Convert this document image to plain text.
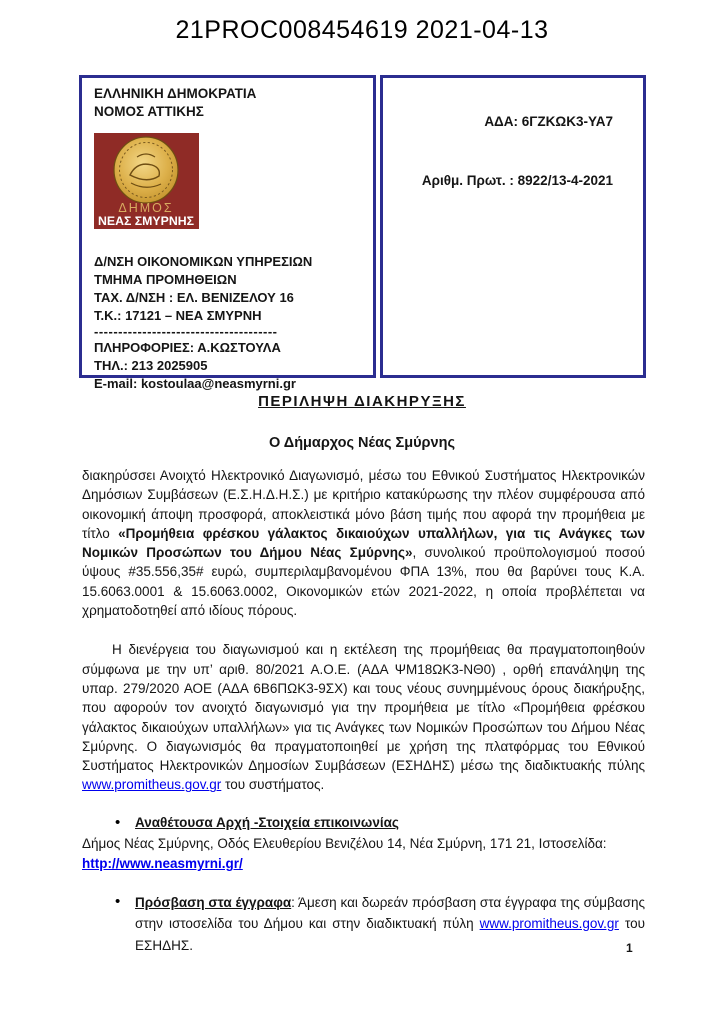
21PROC008454619 2021-04-13
ΕΛΛΗΝΙΚΗ ΔΗΜΟΚΡΑΤΙΑ
ΝΟΜΟΣ ΑΤΤΙΚΗΣ
ΔΗΜΟΣ
ΝΕΑΣ ΣΜΥΡΝΗΣ
Δ/ΝΣΗ ΟΙΚΟΝΟΜΙΚΩΝ ΥΠΗΡΕΣΙΩΝ
ΤΜΗΜΑ ΠΡΟΜΗΘΕΙΩΝ
ΤΑΧ. Δ/ΝΣΗ : ΕΛ. ΒΕΝΙΖΕΛΟΥ 16
Τ.Κ.: 17121 – ΝΕΑ ΣΜΥΡΝΗ
--------------------------------------
ΠΛΗΡΟΦΟΡΙΕΣ: Α.ΚΩΣΤΟΥΛΑ
ΤΗΛ.: 213 2025905
E-mail: kostoulaa@neasmyrni.gr
ΑΔΑ: 6ΓΖΚΩΚ3-ΥΑ7
Αριθμ. Πρωτ. : 8922/13-4-2021
ΠΕΡΙΛΗΨΗ ΔΙΑΚΗΡΥΞΗΣ
Ο Δήμαρχος Νέας Σμύρνης

διακηρύσσει Ανοιχτό Ηλεκτρονικό Διαγωνισμό, μέσω του Εθνικού Συστήματος Ηλεκτρονικών Δημόσιων Συμβάσεων (Ε.Σ.Η.Δ.Η.Σ.) με κριτήριο κατακύρωσης την πλέον συμφέρουσα από οικονομική άποψη προσφορά, αποκλειστικά μόνο βάση τιμής που αφορά την προμήθεια με τίτλο «Προμήθεια φρέσκου γάλακτος δικαιούχων υπαλλήλων, για τις Ανάγκες των Νομικών Προσώπων του Δήμου Νέας Σμύρνης», συνολικού προϋπολογισμού ποσού ύψους #35.556,35# ευρώ, συμπεριλαμβανομένου ΦΠΑ 13%, που θα βαρύνει τους Κ.Α. 15.6063.0001 & 15.6063.0002, Οικονομικών ετών 2021-2022, η οποία προβλέπεται να χρηματοδοτηθεί από ιδίους πόρους.

Η διενέργεια του διαγωνισμού και η εκτέλεση της προμήθειας θα πραγματοποιηθούν σύμφωνα με την υπ’ αριθ. 80/2021 Α.Ο.Ε. (ΑΔΑ ΨΜ18ΩΚ3-ΝΘ0) , ορθή επανάληψη της υπαρ. 279/2020 ΑΟΕ (ΑΔΑ 6Β6ΠΩΚ3-9ΣΧ) και τους νέους συνημμένους όρους διακήρυξης, που αφορούν τον ανοιχτό διαγωνισμό για την προμήθεια με τίτλο «Προμήθεια φρέσκου γάλακτος δικαιούχων υπαλλήλων» για τις Ανάγκες των Νομικών Προσώπων του Δήμου Νέας Σμύρνης. Ο διαγωνισμός θα πραγματοποιηθεί με χρήση της πλατφόρμας του Εθνικού Συστήματος Ηλεκτρονικών Δημοσίων Συμβάσεων (ΕΣΗΔΗΣ) μέσω της διαδικτυακής πύλης www.promitheus.gov.gr του συστήματος.

•
Αναθέτουσα Αρχή -Στοιχεία επικοινωνίας

Δήμος Νέας Σμύρνης, Οδός Ελευθερίου Βενιζέλου 14, Νέα Σμύρνη, 171 21, Ιστοσελίδα:

http://www.neasmyrni.gr/
•
Πρόσβαση στα έγγραφα: Άμεση και δωρεάν πρόσβαση στα έγγραφα της σύμβασης στην ιστοσελίδα του Δήμου και στην διαδικτυακή πύλη www.promitheus.gov.gr του ΕΣΗΔΗΣ.	1
